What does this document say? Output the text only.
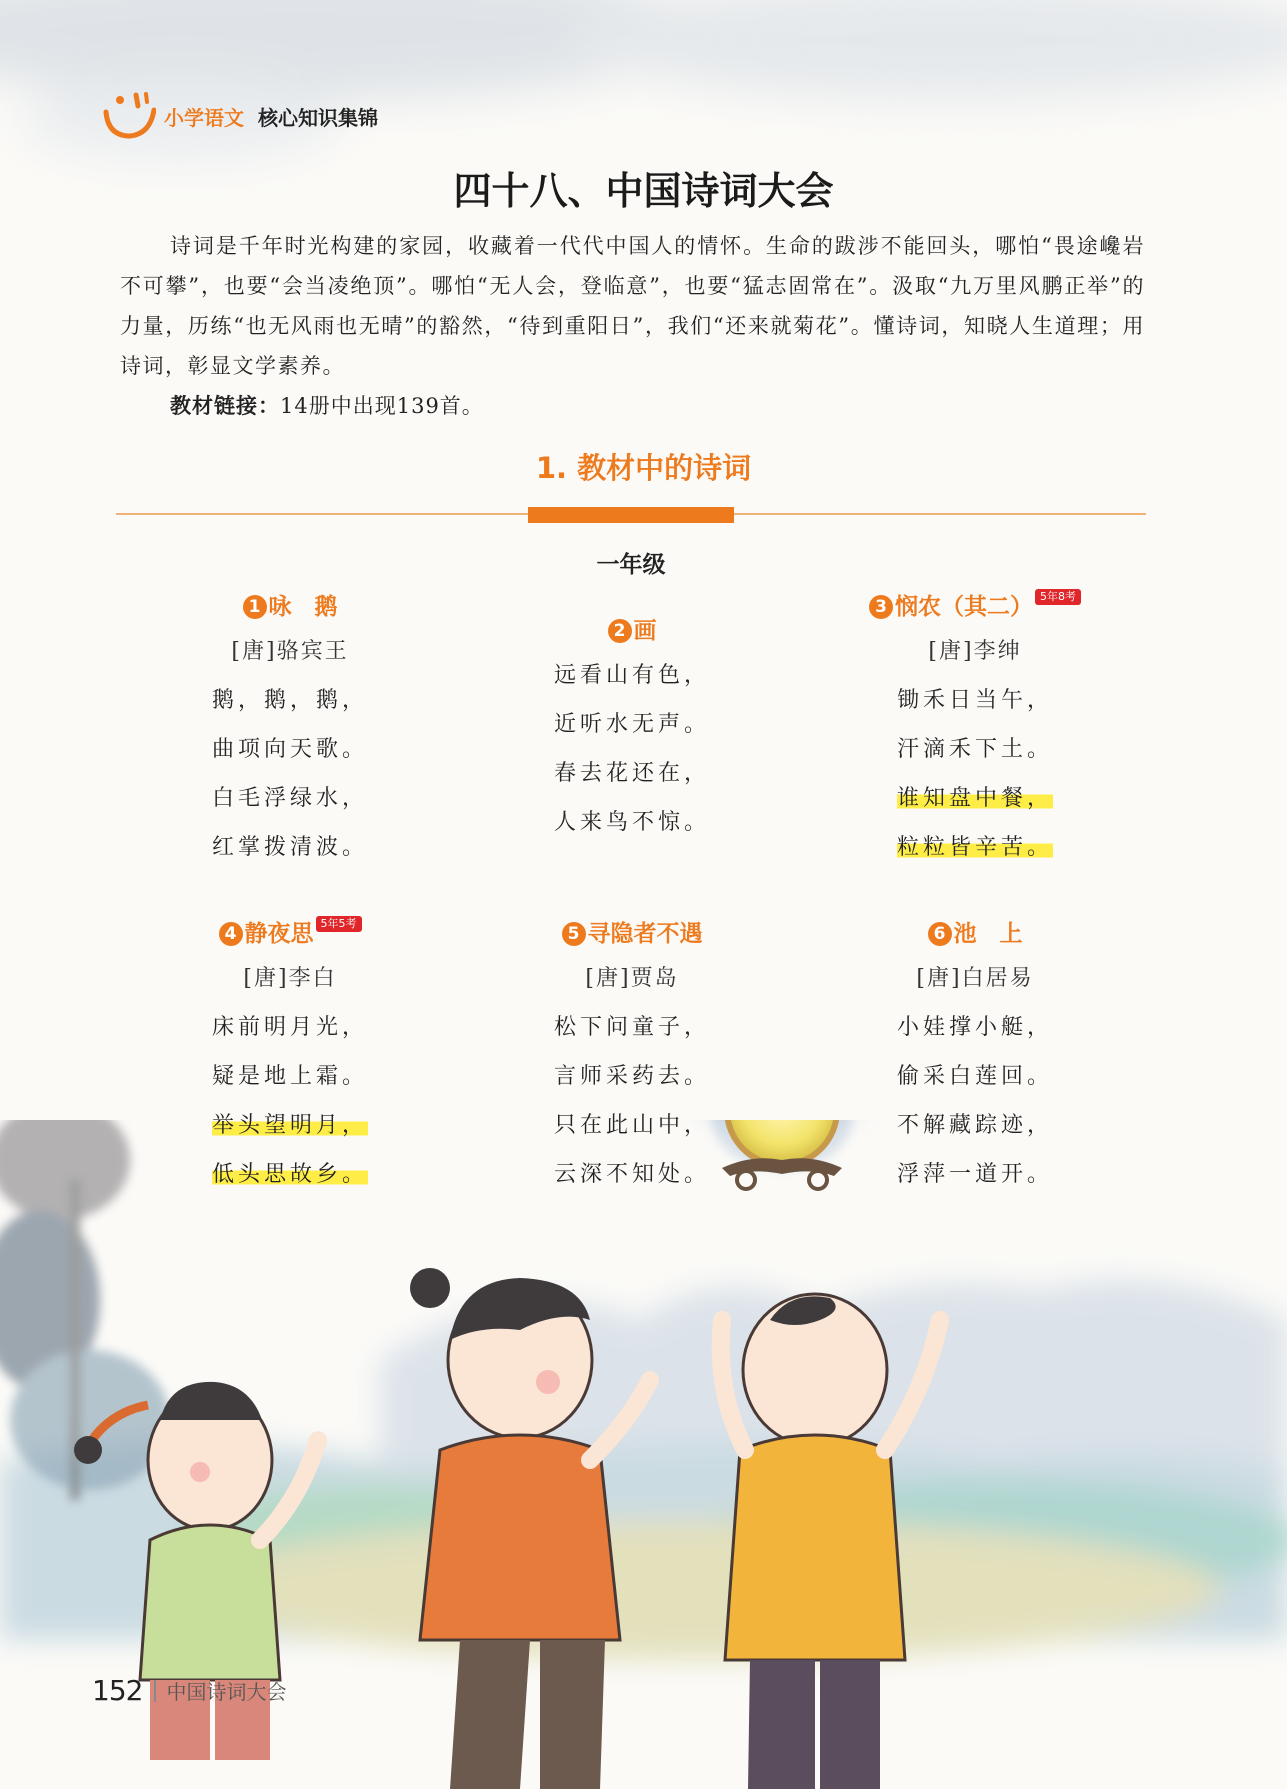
小学语文 核心知识集锦
四十八、中国诗词大会
诗词是千年时光构建的家园，收藏着一代代中国人的情怀。生命的跋涉不能回头，哪怕“畏途巉岩不可攀”，也要“会当凌绝顶”。哪怕“无人会，登临意”，也要“猛志固常在”。汲取“九万里风鹏正举”的力量，历练“也无风雨也无晴”的豁然，“待到重阳日”，我们“还来就菊花”。懂诗词，知晓人生道理；用诗词，彰显文学素养。
教材链接：14册中出现139首。
1. 教材中的诗词
一年级
1 咏　鹅
[唐]骆宾王
鹅，鹅，鹅，
曲项向天歌。
白毛浮绿水，
红掌拨清波。
2 画
远看山有色，
近听水无声。
春去花还在，
人来鸟不惊。
3 悯农（其二） 5年8考
[唐]李绅
锄禾日当午，
汗滴禾下土。
谁知盘中餐，
粒粒皆辛苦。
4 静夜思 5年5考
[唐]李白
床前明月光，
疑是地上霜。
举头望明月，
低头思故乡。
5 寻隐者不遇
[唐]贾岛
松下问童子，
言师采药去。
只在此山中，
云深不知处。
6 池　上
[唐]白居易
小娃撑小艇，
偷采白莲回。
不解藏踪迹，
浮萍一道开。
152 中国诗词大会
